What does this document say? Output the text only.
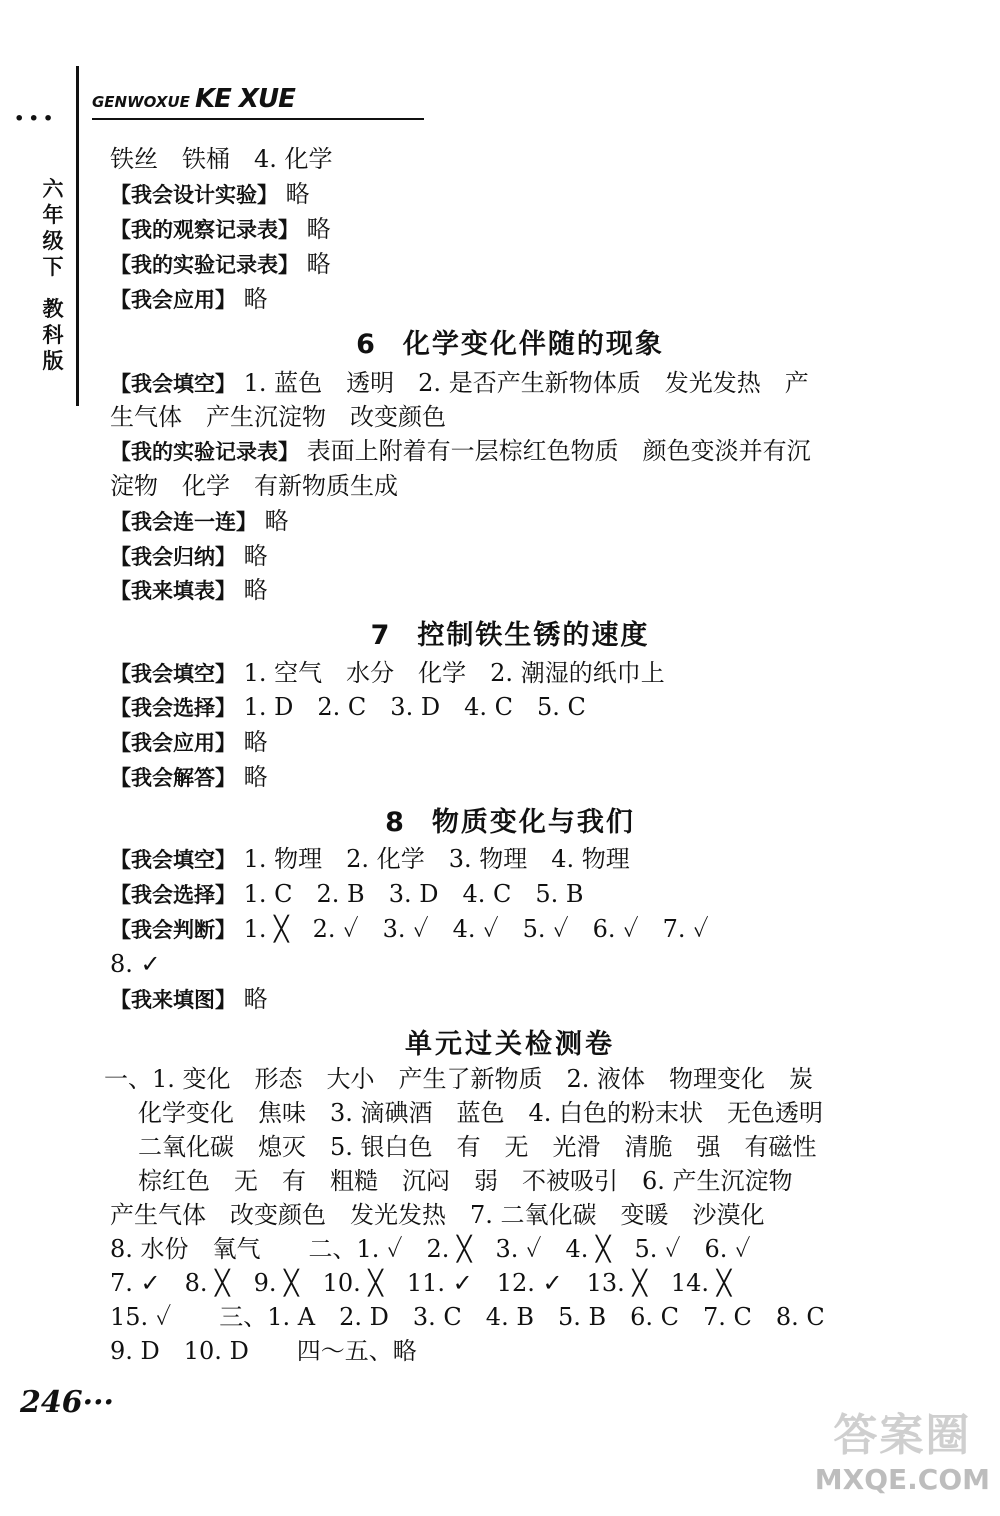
··· GENWOXUE KE XUE
六
年
级
下
教
科
版
铁丝　铁桶　4. 化学
【我会设计实验】 略
【我的观察记录表】 略
【我的实验记录表】 略
【我会应用】 略
6 化学变化伴随的现象
【我会填空】 1. 蓝色　透明　2. 是否产生新物体质　发光发热　产
生气体　产生沉淀物　改变颜色
【我的实验记录表】 表面上附着有一层棕红色物质　颜色变淡并有沉
淀物　化学　有新物质生成
【我会连一连】 略
【我会归纳】 略
【我来填表】 略
7 控制铁生锈的速度
【我会填空】 1. 空气　水分　化学　2. 潮湿的纸巾上
【我会选择】 1. D　2. C　3. D　4. C　5. C
【我会应用】 略
【我会解答】 略
8 物质变化与我们
【我会填空】 1. 物理　2. 化学　3. 物理　4. 物理
【我会选择】 1. C　2. B　3. D　4. C　5. B
【我会判断】 1. ╳　2. ✓　3. ✓　4. ✓　5. ✓　6. ✓　7. ✓
8. ✓
【我来填图】 略
单元过关检测卷
一、1. 变化　形态　大小　产生了新物质　2. 液体　物理变化　炭
化学变化　焦味　3. 滴碘酒　蓝色　4. 白色的粉末状　无色透明
二氧化碳　熄灭　5. 银白色　有　无　光滑　清脆　强　有磁性
棕红色　无　有　粗糙　沉闷　弱　不被吸引　6. 产生沉淀物
产生气体　改变颜色　发光发热　7. 二氧化碳　变暖　沙漠化
8. 水份　氧气　　二、1. ✓　2. ╳　3. ✓　4. ╳　5. ✓　6. ✓
7. ✓　8. ╳　9. ╳　10. ╳　11. ✓　12. ✓　13. ╳　14. ╳
15. ✓　　三、1. A　2. D　3. C　4. B　5. B　6. C　7. C　8. C
9. D　10. D　　四～五、略
246···
答案圈
MXQE.COM
